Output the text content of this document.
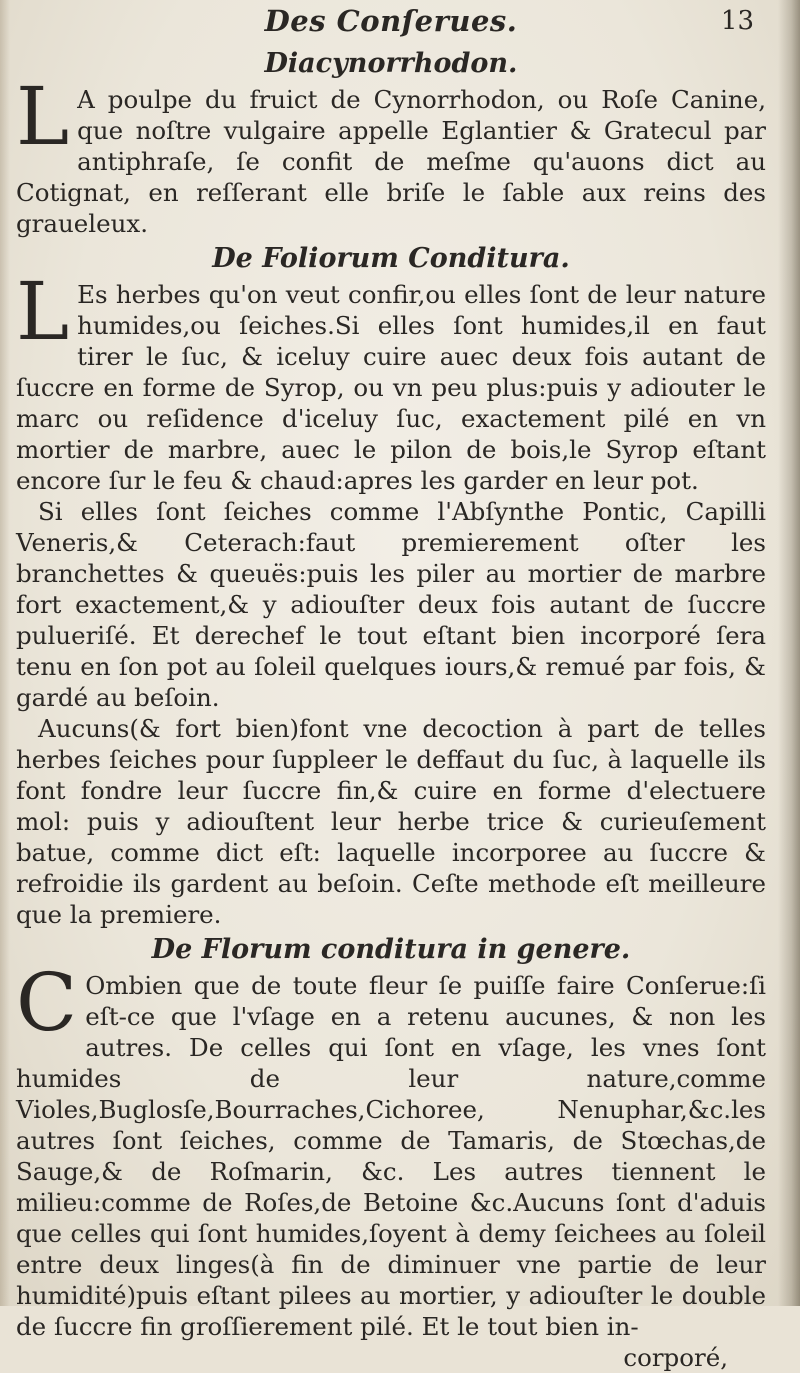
Des Conſerues.	13
Diacynorrhodon.
L A poulpe du fruict de Cynorrhodon, ou Roſe Canine, que noſtre vulgaire appelle Eglantier & Gratecul par antiphraſe, ſe confit de meſme qu'auons dict au Cotignat, en reſſerant elle briſe le ſable aux reins des graueleux.

De Foliorum Conditura.
L Es herbes qu'on veut confir,ou elles ſont de leur nature humides,ou ſeiches.Si elles ſont humides,il en faut tirer le ſuc, & iceluy cuire auec deux fois autant de ſuccre en forme de Syrop, ou vn peu plus:puis y adiouter le marc ou reſidence d'iceluy ſuc, exactement pilé en vn mortier de marbre, auec le pilon de bois,le Syrop eſtant encore ſur le feu & chaud:apres les garder en leur pot.

Si elles ſont ſeiches comme l'Abſynthe Pontic, Capilli Veneris,& Ceterach:faut premierement oſter les branchettes & queuës:puis les piler au mortier de marbre fort exactement,& y adiouſter deux fois autant de ſuccre pulueriſé. Et derechef le tout eſtant bien incorporé ſera tenu en ſon pot au ſoleil quelques iours,& remué par fois, & gardé au beſoin.

Aucuns(& fort bien)font vne decoction à part de telles herbes ſeiches pour ſuppleer le deffaut du ſuc, à laquelle ils font fondre leur ſuccre fin,& cuire en forme d'electuere mol: puis y adiouſtent leur herbe trice & curieuſement batue, comme dict eſt: laquelle incorporee au ſuccre & refroidie ils gardent au beſoin. Ceſte methode eſt meilleure que la premiere.

De Florum conditura in genere.
C Ombien que de toute fleur ſe puiſſe faire Conſerue:ſi eſt-ce que l'vſage en a retenu aucunes, & non les autres. De celles qui ſont en vſage, les vnes ſont humides de leur nature,comme Violes,Buglosſe,Bourraches,Cichoree, Nenuphar,&c.les autres ſont ſeiches, comme de Tamaris, de Stœchas,de Sauge,& de Roſmarin, &c. Les autres tiennent le milieu:comme de Roſes,de Betoine &c.Aucuns ſont d'aduis que celles qui ſont humides,ſoyent à demy ſeichees au ſoleil entre deux linges(à fin de diminuer vne partie de leur humidité)puis eſtant pilees au mortier, y adiouſter le double de ſuccre fin groſſierement pilé. Et le tout bien in-

corporé,
